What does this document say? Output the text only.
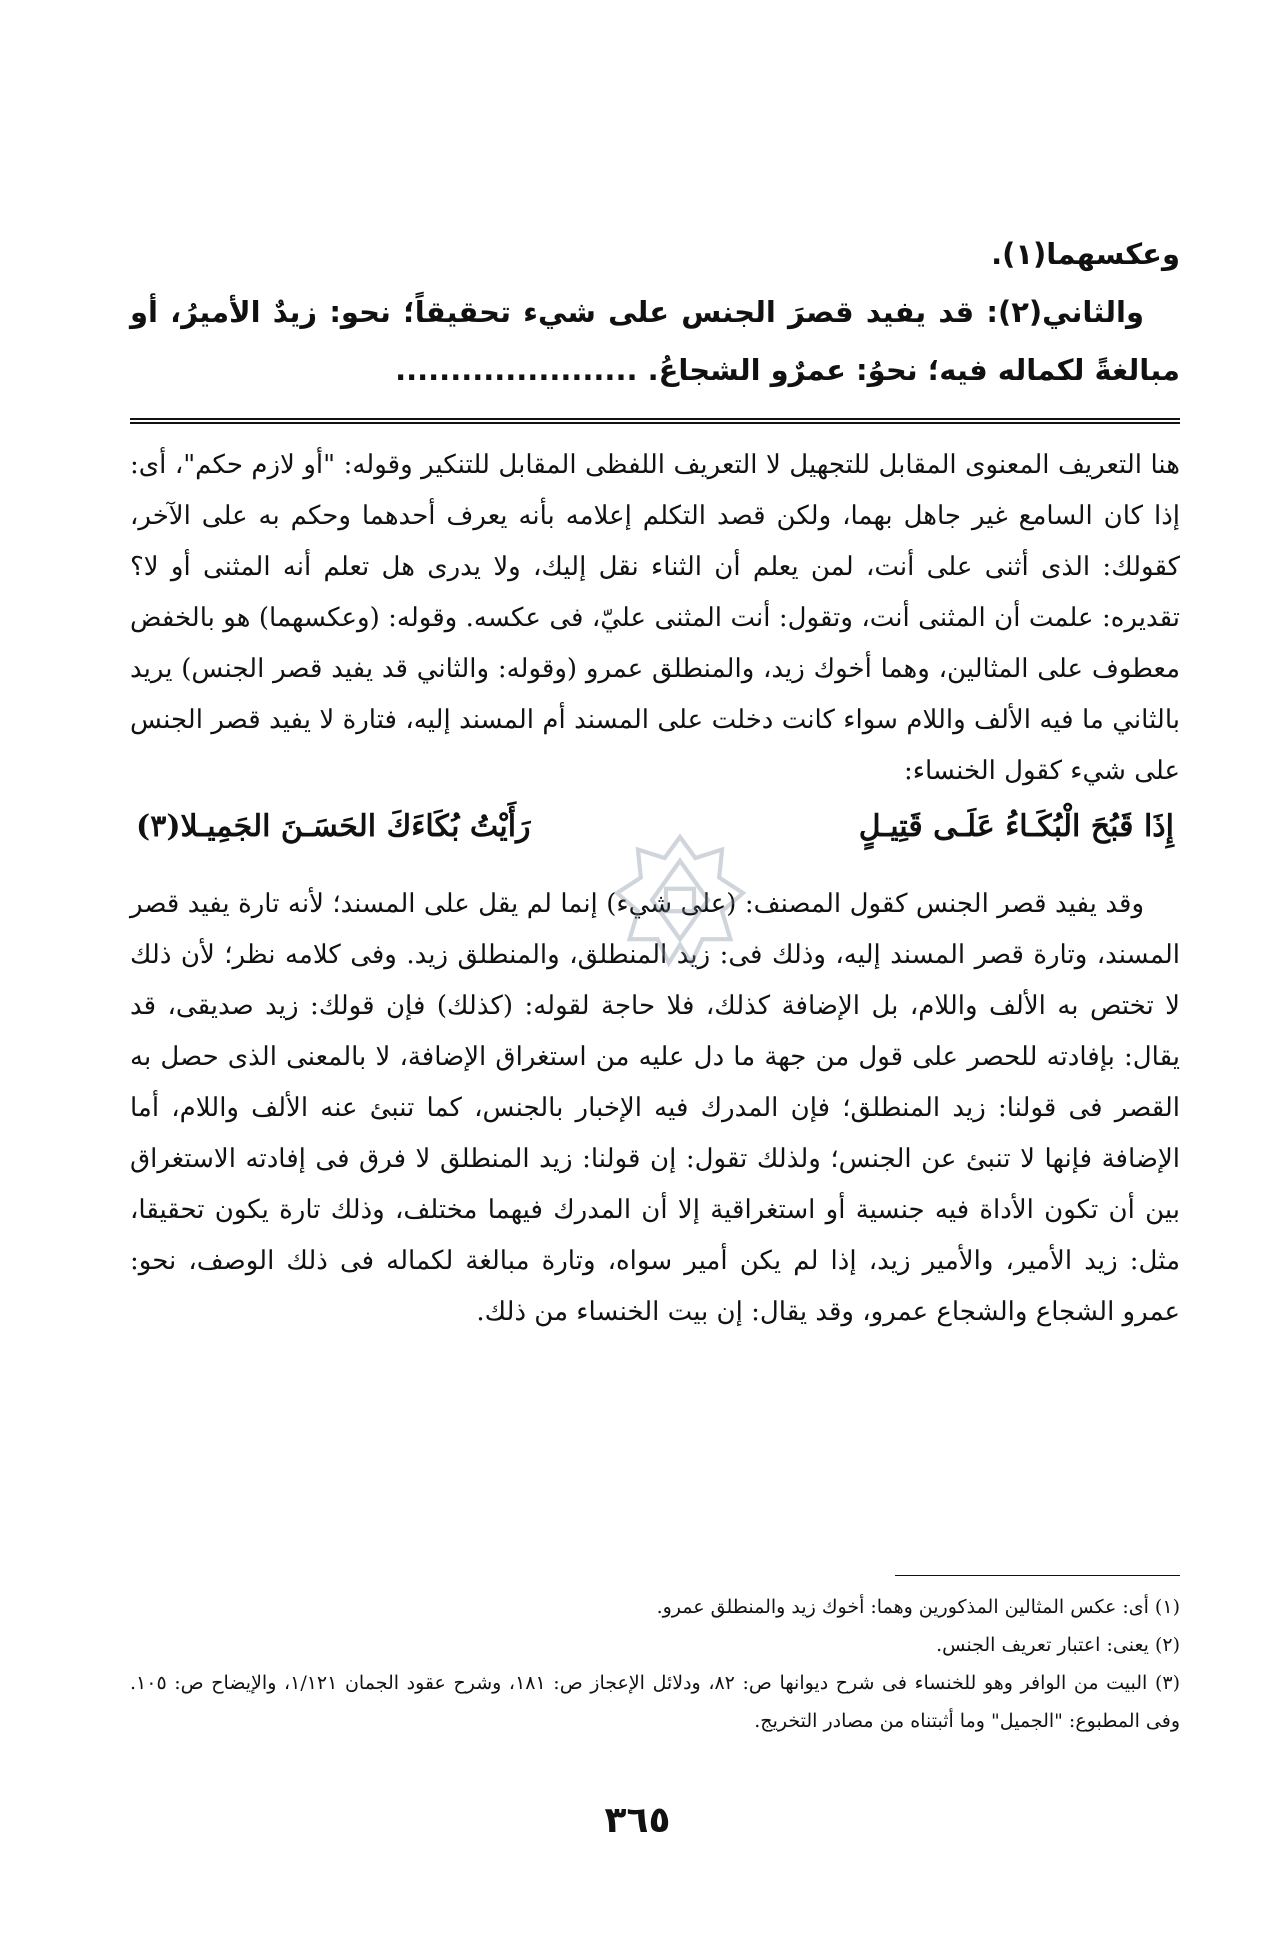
وعكسهما(١).

والثاني(٢): قد يفيد قصرَ الجنس على شيء تحقيقاً؛ نحو: زيدٌ الأميرُ، أو مبالغةً لكماله فيه؛ نحوُ: عمرٌو الشجاعُ. ......................

هنا التعريف المعنوى المقابل للتجهيل لا التعريف اللفظى المقابل للتنكير وقوله: "أو لازم حكم"، أى: إذا كان السامع غير جاهل بهما، ولكن قصد التكلم إعلامه بأنه يعرف أحدهما وحكم به على الآخر، كقولك: الذى أثنى على أنت، لمن يعلم أن الثناء نقل إليك، ولا يدرى هل تعلم أنه المثنى أو لا؟ تقديره: علمت أن المثنى أنت، وتقول: أنت المثنى عليّ، فى عكسه. وقوله: (وعكسهما) هو بالخفض معطوف على المثالين، وهما أخوك زيد، والمنطلق عمرو (وقوله: والثاني قد يفيد قصر الجنس) يريد بالثاني ما فيه الألف واللام سواء كانت دخلت على المسند أم المسند إليه، فتارة لا يفيد قصر الجنس على شيء كقول الخنساء:

إِذَا قَبُحَ الْبُكَـاءُ عَلَـى قَتِيـلٍ
رَأَيْتُ بُكَاءَكَ الحَسَـنَ الجَمِيـلا(٣)

وقد يفيد قصر الجنس كقول المصنف: (على شيء) إنما لم يقل على المسند؛ لأنه تارة يفيد قصر المسند، وتارة قصر المسند إليه، وذلك فى: زيد المنطلق، والمنطلق زيد. وفى كلامه نظر؛ لأن ذلك لا تختص به الألف واللام، بل الإضافة كذلك، فلا حاجة لقوله: (كذلك) فإن قولك: زيد صديقى، قد يقال: بإفادته للحصر على قول من جهة ما دل عليه من استغراق الإضافة، لا بالمعنى الذى حصل به القصر فى قولنا: زيد المنطلق؛ فإن المدرك فيه الإخبار بالجنس، كما تنبئ عنه الألف واللام، أما الإضافة فإنها لا تنبئ عن الجنس؛ ولذلك تقول: إن قولنا: زيد المنطلق لا فرق فى إفادته الاستغراق بين أن تكون الأداة فيه جنسية أو استغراقية إلا أن المدرك فيهما مختلف، وذلك تارة يكون تحقيقا، مثل: زيد الأمير، والأمير زيد، إذا لم يكن أمير سواه، وتارة مبالغة لكماله فى ذلك الوصف، نحو: عمرو الشجاع والشجاع عمرو، وقد يقال: إن بيت الخنساء من ذلك.

(١) أى: عكس المثالين المذكورين وهما: أخوك زيد والمنطلق عمرو.

(٢) يعنى: اعتبار تعريف الجنس.

(٣) البيت من الوافر وهو للخنساء فى شرح ديوانها ص: ٨٢، ودلائل الإعجاز ص: ١٨١، وشرح عقود الجمان ١/١٢١، والإيضاح ص: ١٠٥. وفى المطبوع: "الجميل" وما أثبتناه من مصادر التخريج.

٣٦٥
